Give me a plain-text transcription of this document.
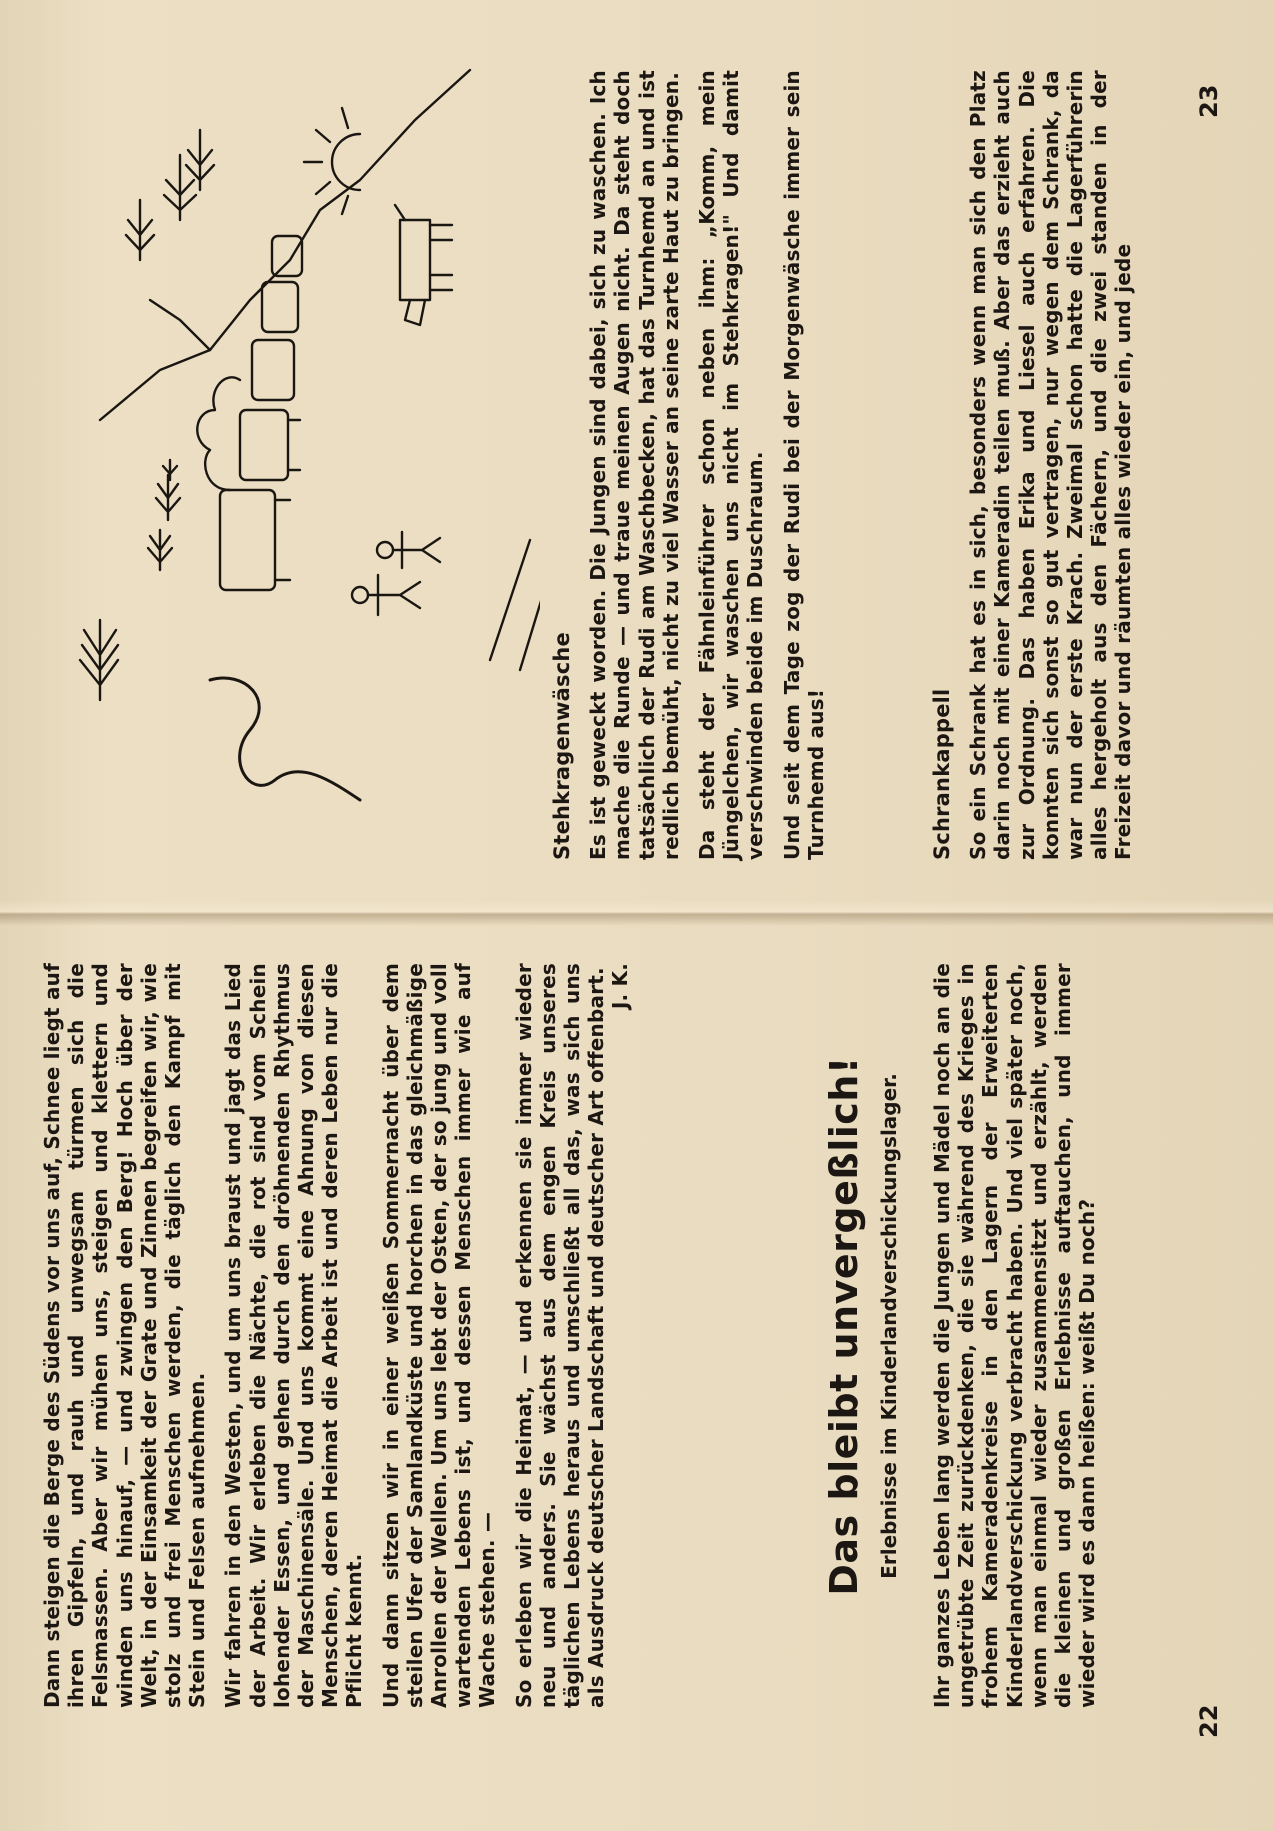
Dann steigen die Berge des Südens vor uns auf, Schnee liegt auf ihren Gipfeln, und rauh und unwegsam türmen sich die Felsmassen. Aber wir mühen uns, steigen und klettern und winden uns hinauf, — und zwingen den Berg! Hoch über der Welt, in der Einsamkeit der Grate und Zinnen begreifen wir, wie stolz und frei Menschen werden, die täglich den Kampf mit Stein und Felsen aufnehmen. Wir fahren in den Westen, und um uns braust und jagt das Lied der Arbeit. Wir erleben die Nächte, die rot sind vom Schein lohender Essen, und gehen durch den dröhnenden Rhythmus der Maschinensäle. Und uns kommt eine Ahnung von diesen Menschen, deren Heimat die Arbeit ist und deren Leben nur die Pflicht kennt. Und dann sitzen wir in einer weißen Sommernacht über dem steilen Ufer der Samlandküste und horchen in das gleichmäßige Anrollen der Wellen. Um uns lebt der Osten, der so jung und voll wartenden Lebens ist, und dessen Menschen immer wie auf Wache stehen. — So erleben wir die Heimat, — und erkennen sie immer wieder neu und anders. Sie wächst aus dem engen Kreis unseres täglichen Lebens heraus und umschließt all das, was sich uns als Ausdruck deutscher Landschaft und deutscher Art offenbart. J. K.

Das bleibt unvergeßlich! Erlebnisse im Kinderlandverschickungslager. Ihr ganzes Leben lang werden die Jungen und Mädel noch an die ungetrübte Zeit zurückdenken, die sie während des Krieges in frohem Kameradenkreise in den Lagern der Erweiterten Kinderlandverschickung verbracht haben. Und viel später noch, wenn man einmal wieder zusammensitzt und erzählt, werden die kleinen und großen Erlebnisse auftauchen, und immer wieder wird es dann heißen: weißt Du noch?

22

Stehkragenwäsche Es ist geweckt worden. Die Jungen sind dabei, sich zu waschen. Ich mache die Runde — und traue meinen Augen nicht. Da steht doch tatsächlich der Rudi am Waschbecken, hat das Turnhemd an und ist redlich bemüht, nicht zu viel Wasser an seine zarte Haut zu bringen. Da steht der Fähnleinführer schon neben ihm: „Komm, mein Jüngelchen, wir waschen uns nicht im Stehkragen!" Und damit verschwinden beide im Duschraum. Und seit dem Tage zog der Rudi bei der Morgenwäsche immer sein Turnhemd aus!	Schrankappell So ein Schrank hat es in sich, besonders wenn man sich den Platz darin noch mit einer Kameradin teilen muß. Aber das erzieht auch zur Ordnung. Das haben Erika und Liesel auch erfahren. Die konnten sich sonst so gut vertragen, nur wegen dem Schrank, da war nun der erste Krach. Zweimal schon hatte die Lagerführerin alles hergeholt aus den Fächern, und die zwei standen in der Freizeit davor und räumten alles wieder ein, und jede

23
